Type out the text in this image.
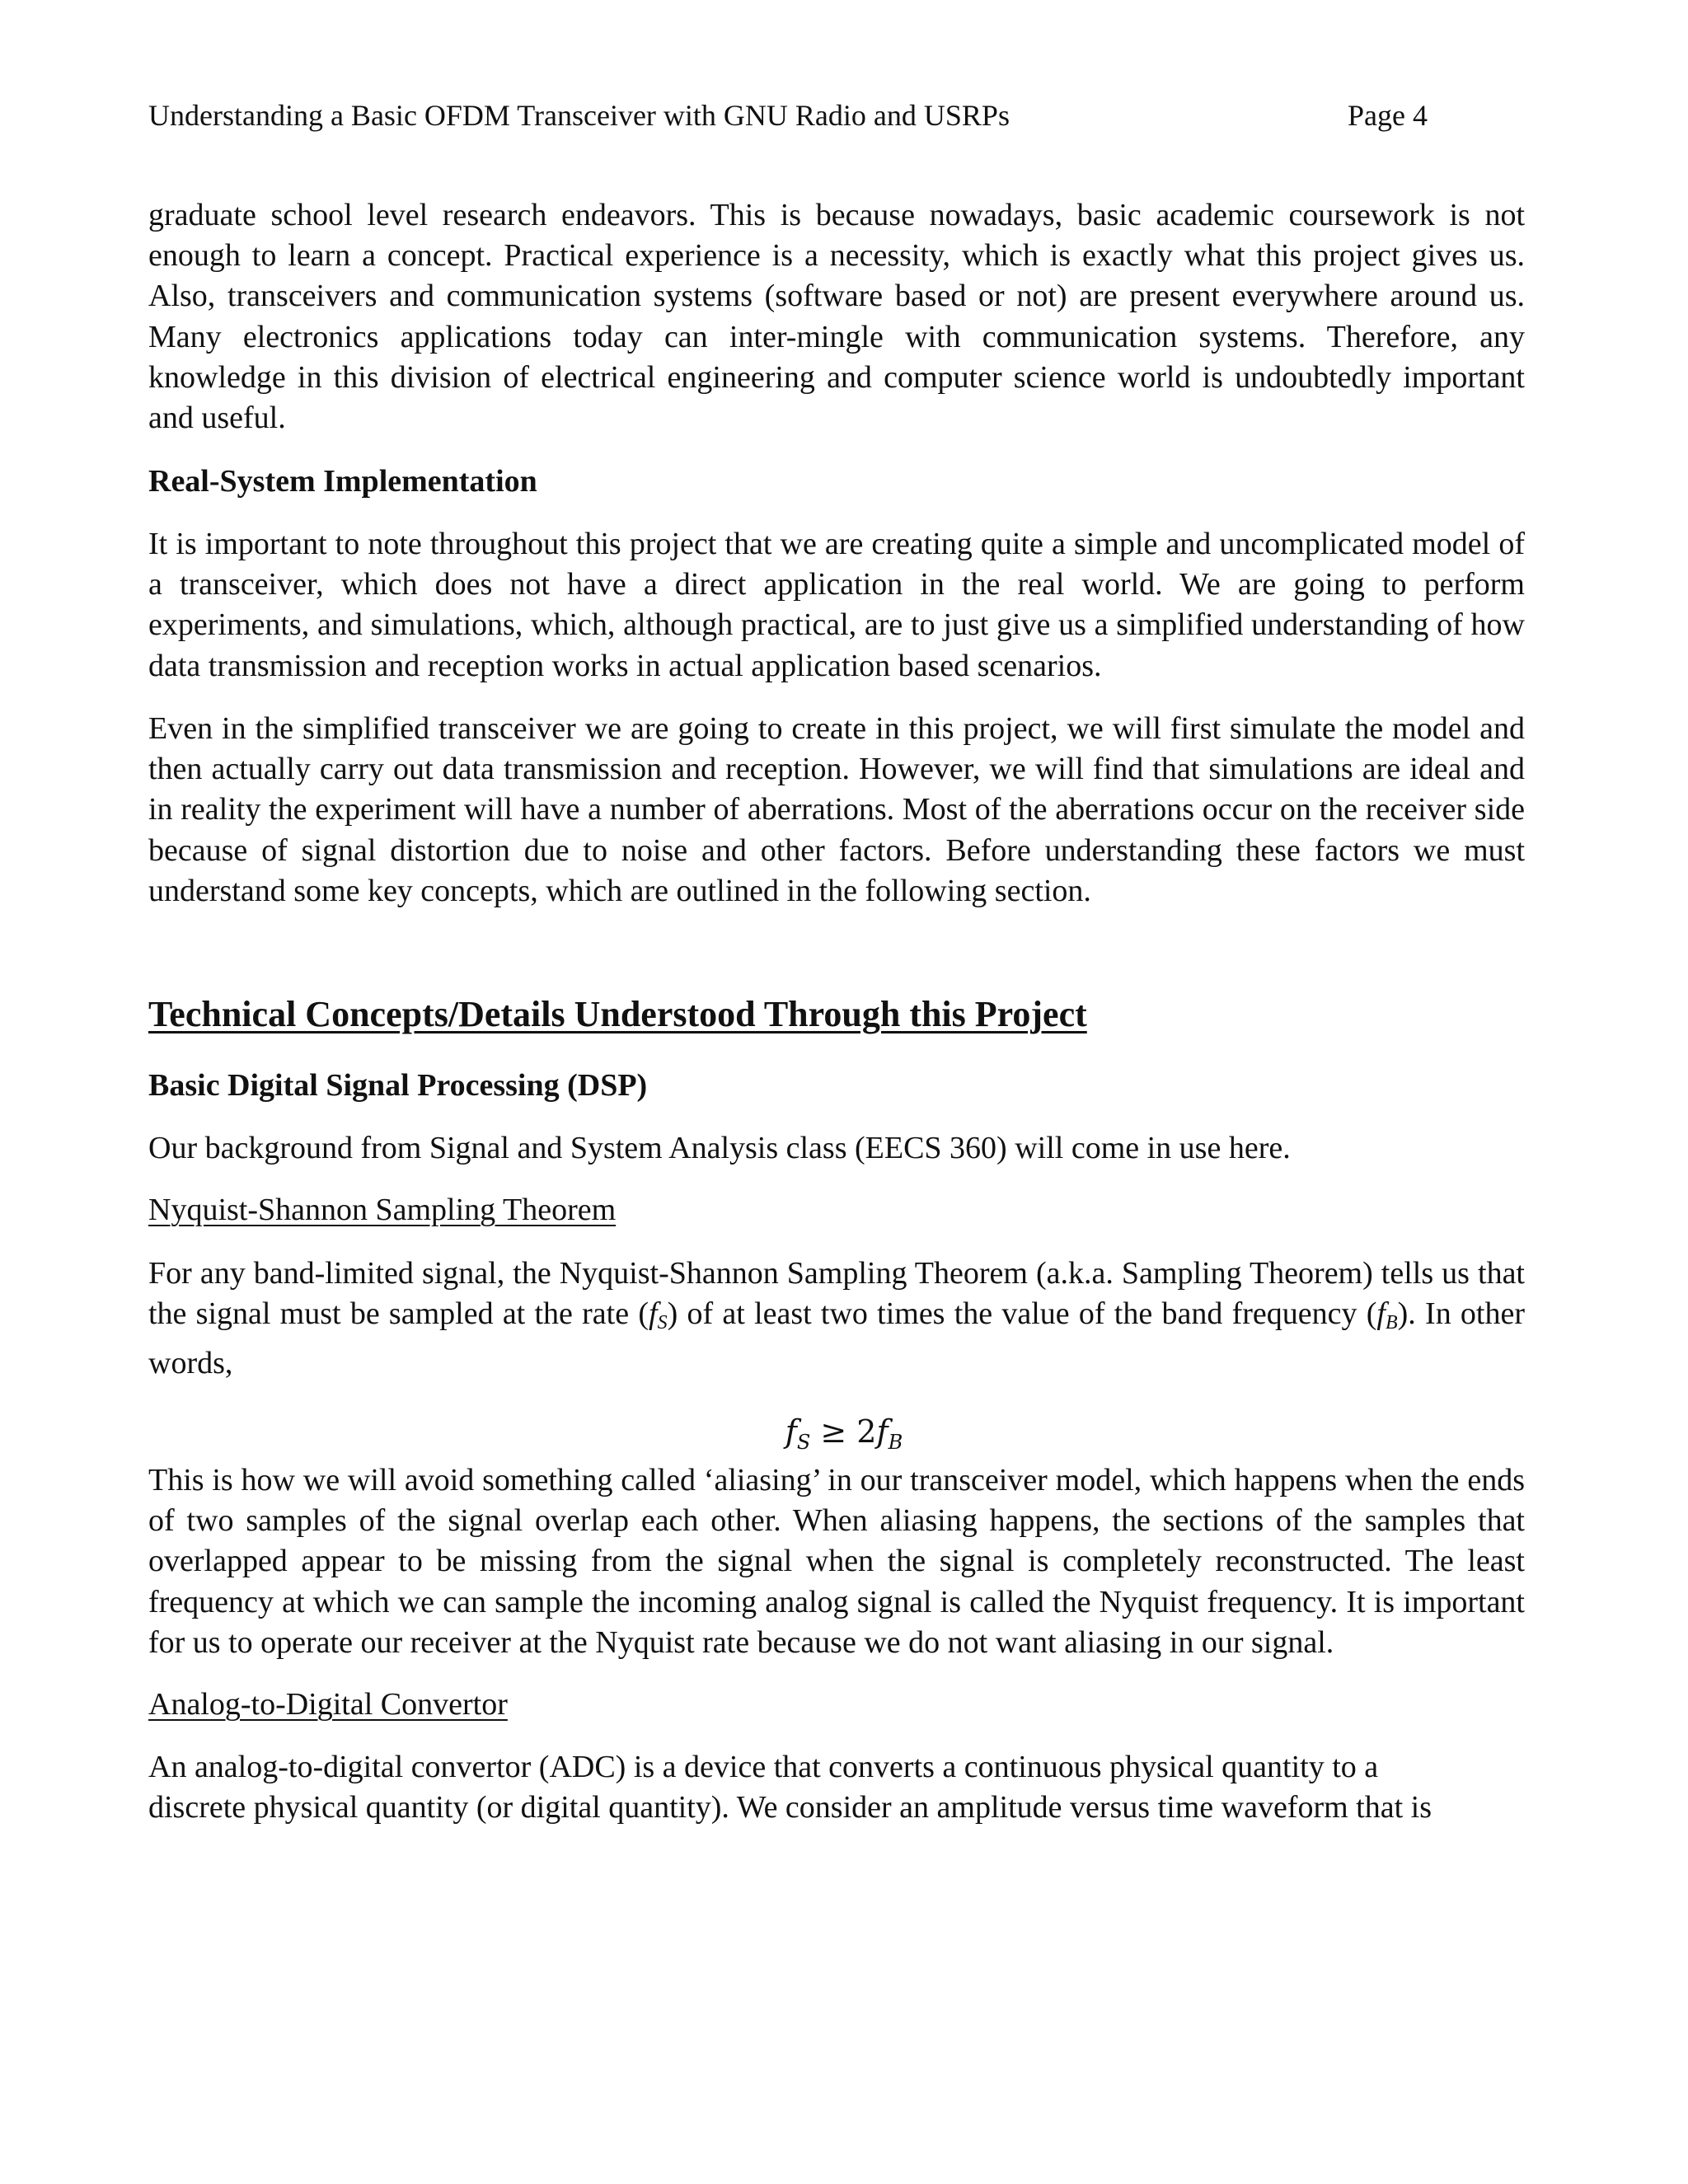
Understanding a Basic OFDM Transceiver with GNU Radio and USRPs	Page 4

graduate school level research endeavors. This is because nowadays, basic academic coursework is not enough to learn a concept. Practical experience is a necessity, which is exactly what this project gives us. Also, transceivers and communication systems (software based or not) are present everywhere around us. Many electronics applications today can inter-mingle with communication systems. Therefore, any knowledge in this division of electrical engineering and computer science world is undoubtedly important and useful.

Real-System Implementation

It is important to note throughout this project that we are creating quite a simple and uncomplicated model of a transceiver, which does not have a direct application in the real world. We are going to perform experiments, and simulations, which, although practical, are to just give us a simplified understanding of how data transmission and reception works in actual application based scenarios.

Even in the simplified transceiver we are going to create in this project, we will first simulate the model and then actually carry out data transmission and reception. However, we will find that simulations are ideal and in reality the experiment will have a number of aberrations. Most of the aberrations occur on the receiver side because of signal distortion due to noise and other factors. Before understanding these factors we must understand some key concepts, which are outlined in the following section.

Technical Concepts/Details Understood Through this Project
Basic Digital Signal Processing (DSP)
Our background from Signal and System Analysis class (EECS 360) will come in use here.
Nyquist-Shannon Sampling Theorem

For any band-limited signal, the Nyquist-Shannon Sampling Theorem (a.k.a. Sampling Theorem) tells us that the signal must be sampled at the rate $(f_S)$ of at least two times the value of the band frequency $(f_B)$. In other words,

$f_S \ge 2f_B$

This is how we will avoid something called ‘aliasing’ in our transceiver model, which happens when the ends of two samples of the signal overlap each other. When aliasing happens, the sections of the samples that overlapped appear to be missing from the signal when the signal is completely reconstructed. The least frequency at which we can sample the incoming analog signal is called the Nyquist frequency. It is important for us to operate our receiver at the Nyquist rate because we do not want aliasing in our signal.

Analog-to-Digital Convertor
An analog-to-digital convertor (ADC) is a device that converts a continuous physical quantity to a
discrete physical quantity (or digital quantity). We consider an amplitude versus time waveform that is
